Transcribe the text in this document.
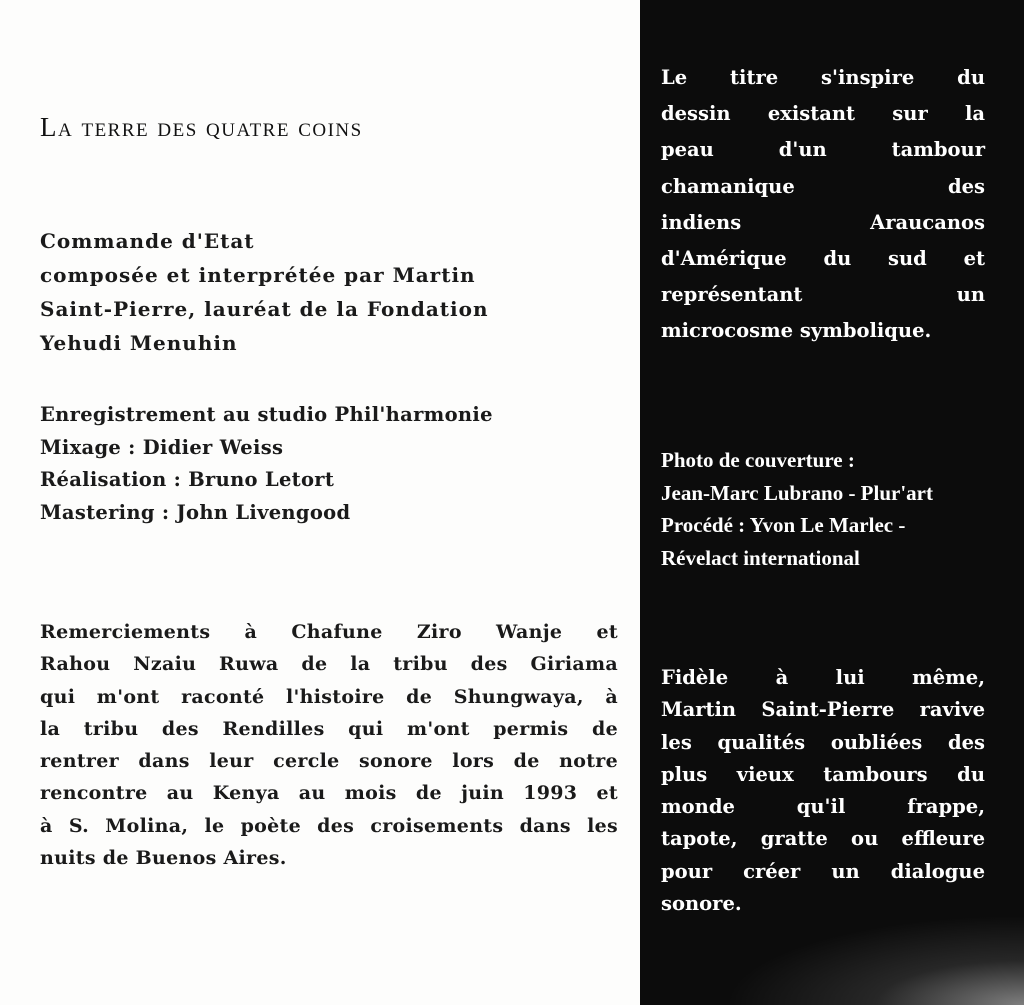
La terre des quatre coins
Commande d'Etat
composée et interprétée par Martin
Saint-Pierre, lauréat de la Fondation
Yehudi Menuhin
Enregistrement au studio Phil'harmonie
Mixage : Didier Weiss
Réalisation : Bruno Letort
Mastering : John Livengood
Remerciements à Chafune Ziro Wanje et
Rahou Nzaiu Ruwa de la tribu des Giriama
qui m'ont raconté l'histoire de Shungwaya, à
la tribu des Rendilles qui m'ont permis de
rentrer dans leur cercle sonore lors de notre
rencontre au Kenya au mois de juin 1993 et
à S. Molina, le poète des croisements dans les
nuits de Buenos Aires.
Le titre s'inspire du
dessin existant sur la
peau d'un tambour
chamanique des
indiens Araucanos
d'Amérique du sud et
représentant un
microcosme symbolique.
Photo de couverture :
Jean-Marc Lubrano - Plur'art
Procédé : Yvon Le Marlec -
Révelact international
Fidèle à lui même,
Martin Saint-Pierre ravive
les qualités oubliées des
plus vieux tambours du
monde qu'il frappe,
tapote, gratte ou effleure
pour créer un dialogue
sonore.
